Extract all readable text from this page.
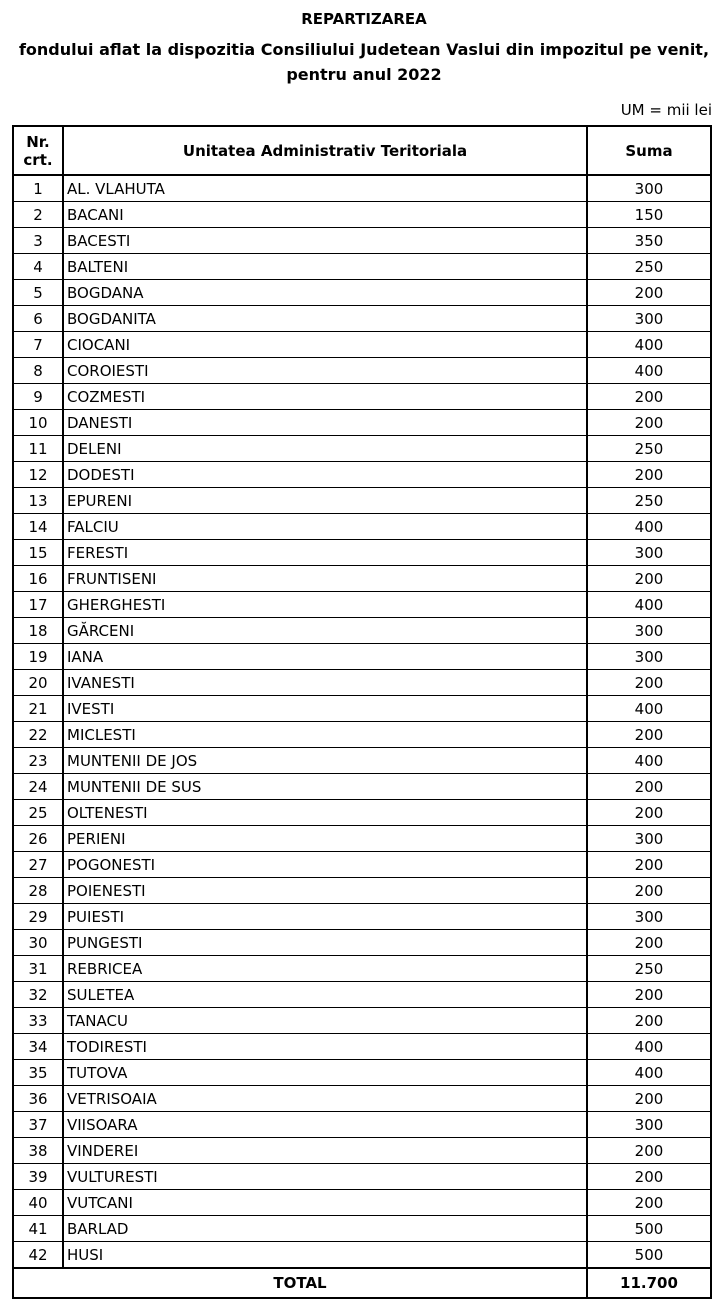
REPARTIZAREA
fondului aflat la dispozitia Consiliului Judetean Vaslui din impozitul pe venit,
pentru anul 2022
UM = mii lei
Nr.
crt.	Unitatea Administrativ Teritoriala	Suma
1	AL. VLAHUTA	300
2	BACANI	150
3	BACESTI	350
4	BALTENI	250
5	BOGDANA	200
6	BOGDANITA	300
7	CIOCANI	400
8	COROIESTI	400
9	COZMESTI	200
10	DANESTI	200
11	DELENI	250
12	DODESTI	200
13	EPURENI	250
14	FALCIU	400
15	FERESTI	300
16	FRUNTISENI	200
17	GHERGHESTI	400
18	GĂRCENI	300
19	IANA	300
20	IVANESTI	200
21	IVESTI	400
22	MICLESTI	200
23	MUNTENII DE JOS	400
24	MUNTENII DE SUS	200
25	OLTENESTI	200
26	PERIENI	300
27	POGONESTI	200
28	POIENESTI	200
29	PUIESTI	300
30	PUNGESTI	200
31	REBRICEA	250
32	SULETEA	200
33	TANACU	200
34	TODIRESTI	400
35	TUTOVA	400
36	VETRISOAIA	200
37	VIISOARA	300
38	VINDEREI	200
39	VULTURESTI	200
40	VUTCANI	200
41	BARLAD	500
42	HUSI	500
TOTAL		11.700
